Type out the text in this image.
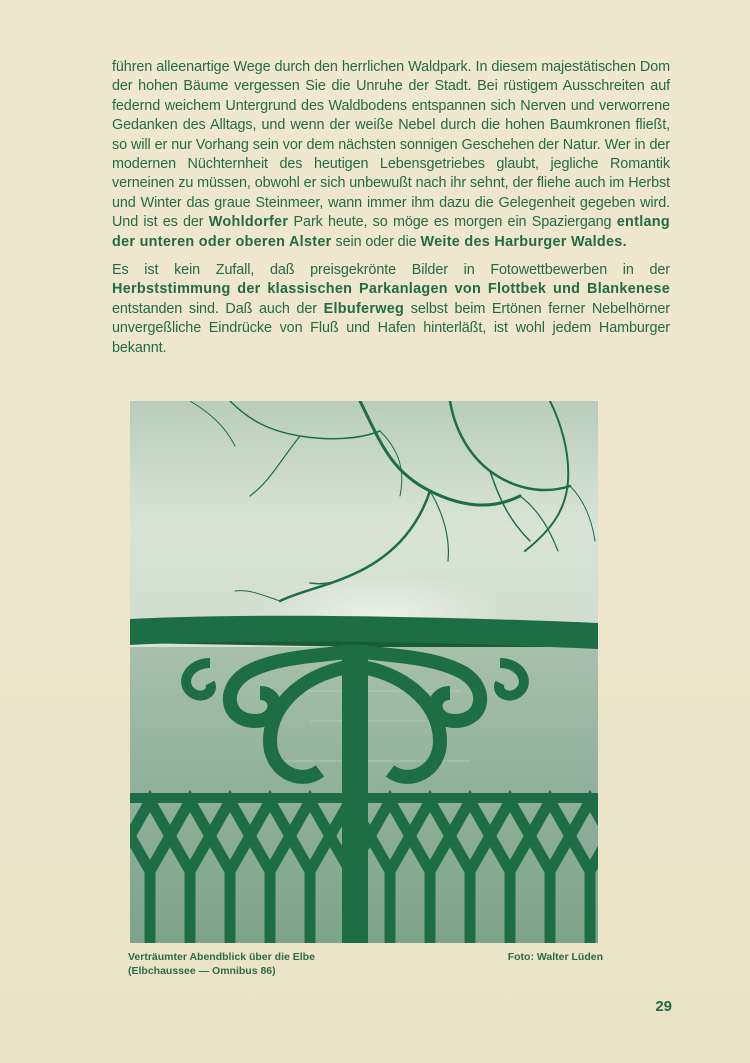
führen alleenartige Wege durch den herrlichen Waldpark. In diesem majestätischen Dom der hohen Bäume vergessen Sie die Unruhe der Stadt. Bei rüstigem Ausschreiten auf federnd weichem Untergrund des Waldbodens entspannen sich Nerven und verworrene Gedanken des Alltags, und wenn der weiße Nebel durch die hohen Baumkronen fließt, so will er nur Vorhang sein vor dem nächsten sonnigen Geschehen der Natur. Wer in der modernen Nüchternheit des heutigen Lebensgetriebes glaubt, jegliche Romantik verneinen zu müssen, obwohl er sich unbewußt nach ihr sehnt, der fliehe auch im Herbst und Winter das graue Steinmeer, wann immer ihm dazu die Gelegenheit gegeben wird. Und ist es der Wohldorfer Park heute, so möge es morgen ein Spaziergang entlang der unteren oder oberen Alster sein oder die Weite des Harburger Waldes.

Es ist kein Zufall, daß preisgekrönte Bilder in Fotowettbewerben in der Herbststimmung der klassischen Parkanlagen von Flottbek und Blankenese entstanden sind. Daß auch der Elbuferweg selbst beim Ertönen ferner Nebelhörner unvergeßliche Eindrücke von Fluß und Hafen hinterläßt, ist wohl jedem Hamburger bekannt.

Verträumter Abendblick über die Elbe
(Elbchaussee — Omnibus 86)
Foto: Walter Lüden
29
